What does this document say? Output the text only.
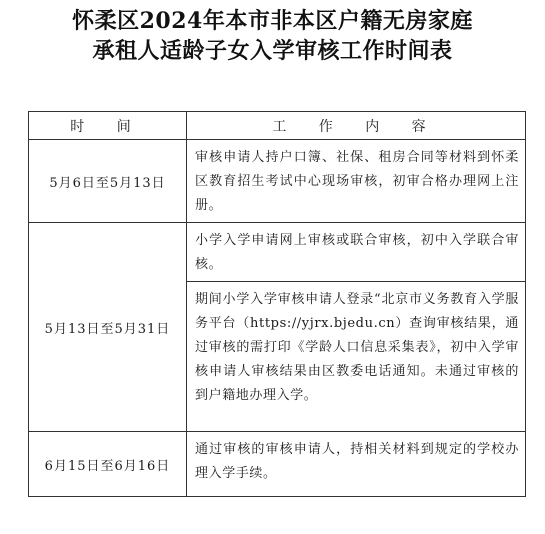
怀柔区2024年本市非本区户籍无房家庭
承租人适龄子女入学审核工作时间表
时 间	工 作 内 容
5月6日至5月13日	审核申请人持户口簿、社保、租房合同等材料到怀柔区教育招生考试中心现场审核，初审合格办理网上注册。
5月13日至5月31日	小学入学申请网上审核或联合审核，初中入学联合审核。
	期间小学入学审核申请人登录“北京市义务教育入学服务平台（https://yjrx.bjedu.cn）查询审核结果，通过审核的需打印《学龄人口信息采集表》，初中入学审核申请人审核结果由区教委电话通知。未通过审核的到户籍地办理入学。
6月15日至6月16日	通过审核的审核申请人，持相关材料到规定的学校办理入学手续。
